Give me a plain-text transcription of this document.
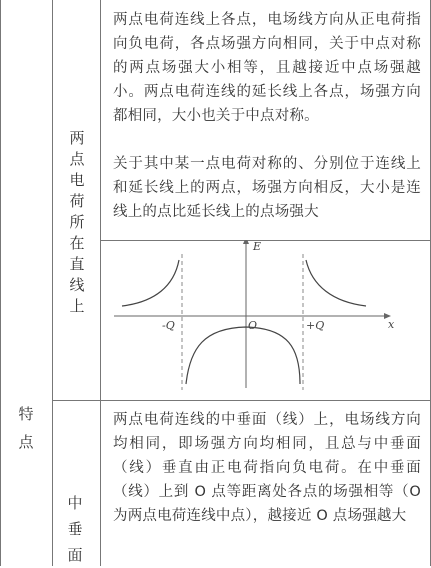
特点
两点电荷所在直线上
中垂面
两点电荷连线上各点，电场线方向从正电荷指向负电荷，各点场强方向相同，关于中点对称的两点场强大小相等，且越接近中点场强越小。两点电荷连线的延长线上各点，场强方向都相同，大小也关于中点对称。
关于其中某一点电荷对称的、分别位于连线上和延长线上的两点，场强方向相反，大小是连线上的点比延长线上的点场强大
E
x
-Q	O	+Q
两点电荷连线的中垂面（线）上，电场线方向均相同，即场强方向均相同，且总与中垂面（线）垂直由正电荷指向负电荷。在中垂面（线）上到 O 点等距离处各点的场强相等（O 为两点电荷连线中点），越接近 O 点场强越大
